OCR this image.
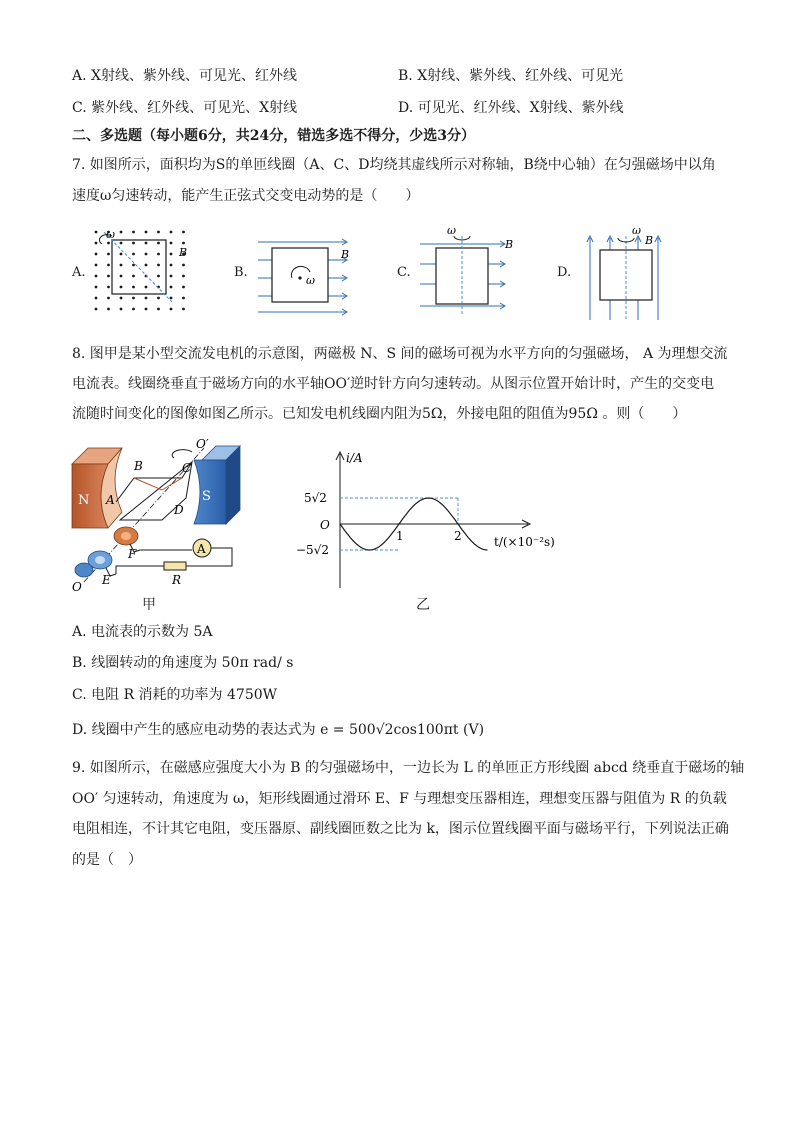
A. X射线、紫外线、可见光、红外线	B. X射线、紫外线、红外线、可见光
C. 紫外线、红外线、可见光、X射线	D. 可见光、红外线、X射线、紫外线
二、多选题（每小题6分，共24分，错选多选不得分，少选3分）
7. 如图所示，面积均为S的单匝线圈（A、C、D均绕其虚线所示对称轴，B绕中心轴）在匀强磁场中以角
速度ω匀速转动，能产生正弦式交变电动势的是（　　）
A.	B.	C.	D.
ω
B
ω
B
ω
B
ω
B
8. 图甲是某小型交流发电机的示意图，两磁极 N、S 间的磁场可视为水平方向的匀强磁场， A 为理想交流
电流表。线圈绕垂直于磁场方向的水平轴OO′逆时针方向匀速转动。从图示位置开始计时，产生的交变电
流随时间变化的图像如图乙所示。已知发电机线圈内阻为5Ω，外接电阻的阻值为95Ω 。则（　　）
N	S
A
B	C
A
D
O′
O
F
E	R
甲
i/A
t/(×10⁻²s)
O
5√2
−5√2
1	2
乙
A. 电流表的示数为 5A
B. 线圈转动的角速度为 50π rad/ s
C. 电阻 R 消耗的功率为 4750W
D. 线圈中产生的感应电动势的表达式为 e = 500√2cos100πt (V)
9. 如图所示，在磁感应强度大小为 B 的匀强磁场中，一边长为 L 的单匝正方形线圈 abcd 绕垂直于磁场的轴
OO′ 匀速转动，角速度为 ω，矩形线圈通过滑环 E、F 与理想变压器相连，理想变压器与阻值为 R 的负载
电阻相连，不计其它电阻，变压器原、副线圈匝数之比为 k，图示位置线圈平面与磁场平行，下列说法正确
的是（　）
